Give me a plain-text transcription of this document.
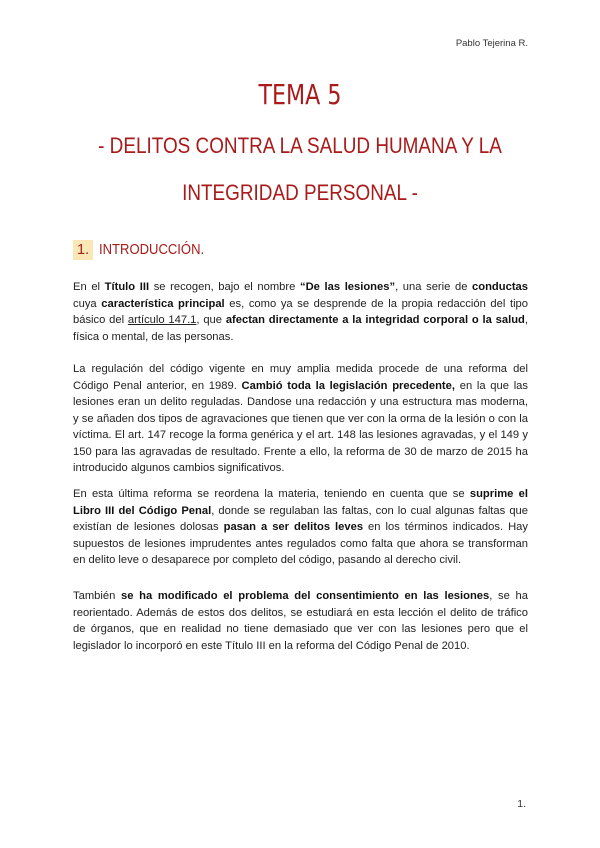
Pablo Tejerina R.
TEMA 5
- DELITOS CONTRA LA SALUD HUMANA Y LA
INTEGRIDAD PERSONAL -
1. INTRODUCCIÓN.
En el Título III se recogen, bajo el nombre “De las lesiones”, una serie de conductas cuya característica principal es, como ya se desprende de la propia redacción del tipo básico del artículo 147.1, que afectan directamente a la integridad corporal o la salud, física o mental, de las personas.
La regulación del código vigente en muy amplia medida procede de una reforma del Código Penal anterior, en 1989. Cambió toda la legislación precedente, en la que las lesiones eran un delito reguladas. Dandose una redacción y una estructura mas moderna, y se añaden dos tipos de agravaciones que tienen que ver con la orma de la lesión o con la víctima. El art. 147 recoge la forma genérica y el art. 148 las lesiones agravadas, y el 149 y 150 para las agravadas de resultado. Frente a ello, la reforma de 30 de marzo de 2015 ha introducido algunos cambios significativos.
En esta última reforma se reordena la materia, teniendo en cuenta que se suprime el Libro III del Código Penal, donde se regulaban las faltas, con lo cual algunas faltas que existían de lesiones dolosas pasan a ser delitos leves en los términos indicados. Hay supuestos de lesiones imprudentes antes regulados como falta que ahora se transforman en delito leve o desaparece por completo del código, pasando al derecho civil.
También se ha modificado el problema del consentimiento en las lesiones, se ha reorientado. Además de estos dos delitos, se estudiará en esta lección el delito de tráfico de órganos, que en realidad no tiene demasiado que ver con las lesiones pero que el legislador lo incorporó en este Título III en la reforma del Código Penal de 2010.
1.
